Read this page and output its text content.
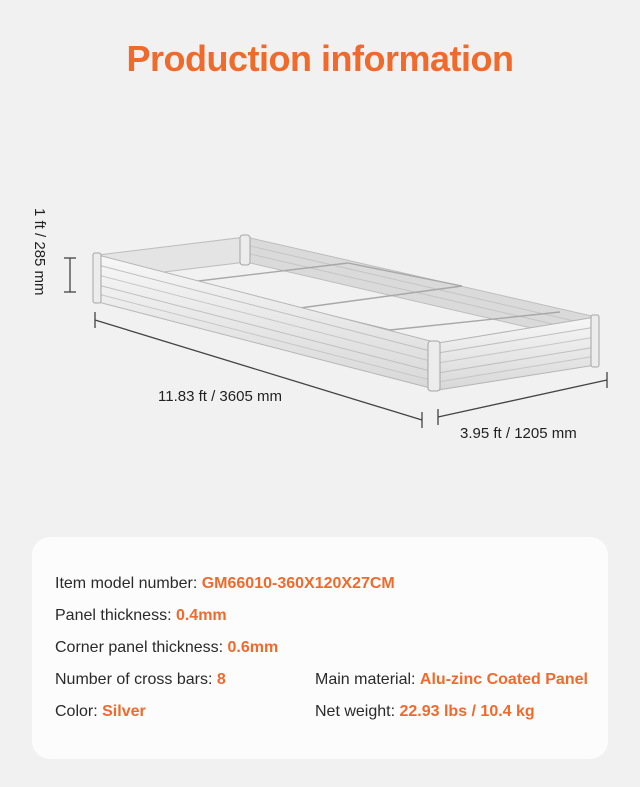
Production information
1 ft / 285 mm
11.83 ft / 3605 mm
3.95 ft / 1205 mm
Item model number: GM66010-360X120X27CM
Panel thickness: 0.4mm
Corner panel thickness: 0.6mm
Number of cross bars: 8
Color: Silver
Main material: Alu-zinc Coated Panel
Net weight: 22.93 lbs / 10.4 kg
